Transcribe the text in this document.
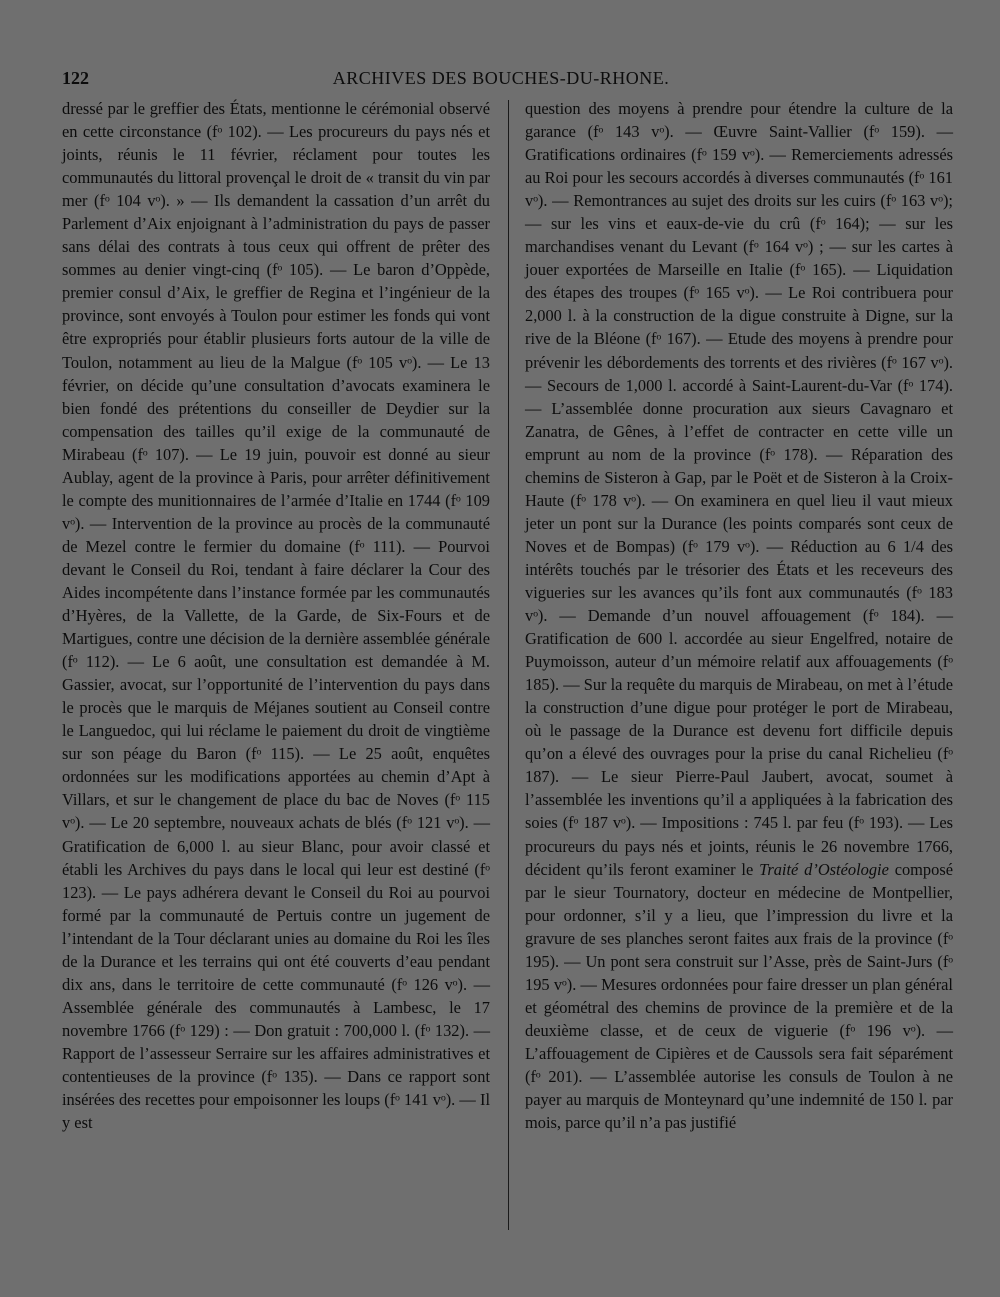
122	ARCHIVES DES BOUCHES-DU-RHONE.

dressé par le greffier des États, mentionne le cérémonial observé en cette circonstance (fᵒ 102). — Les procureurs du pays nés et joints, réunis le 11 février, réclament pour toutes les communautés du littoral provençal le droit de « transit du vin par mer (fᵒ 104 vᵒ). » — Ils demandent la cassation d’un arrêt du Parlement d’Aix enjoignant à l’administration du pays de passer sans délai des contrats à tous ceux qui offrent de prêter des sommes au denier vingt-cinq (fᵒ 105). — Le baron d’Oppède, premier consul d’Aix, le greffier de Regina et l’ingénieur de la province, sont envoyés à Toulon pour estimer les fonds qui vont être expropriés pour établir plusieurs forts autour de la ville de Toulon, notamment au lieu de la Malgue (fᵒ 105 vᵒ). — Le 13 février, on décide qu’une consultation d’avocats examinera le bien fondé des prétentions du conseiller de Deydier sur la compensation des tailles qu’il exige de la communauté de Mirabeau (fᵒ 107). — Le 19 juin, pouvoir est donné au sieur Aublay, agent de la province à Paris, pour arrêter définitivement le compte des munitionnaires de l’armée d’Italie en 1744 (fᵒ 109 vᵒ). — Intervention de la province au procès de la communauté de Mezel contre le fermier du domaine (fᵒ 111). — Pourvoi devant le Conseil du Roi, tendant à faire déclarer la Cour des Aides incompétente dans l’instance formée par les communautés d’Hyères, de la Vallette, de la Garde, de Six-Fours et de Martigues, contre une décision de la dernière assemblée générale (fᵒ 112). — Le 6 août, une consultation est demandée à M. Gassier, avocat, sur l’opportunité de l’intervention du pays dans le procès que le marquis de Méjanes soutient au Conseil contre le Languedoc, qui lui réclame le paiement du droit de vingtième sur son péage du Baron (fᵒ 115). — Le 25 août, enquêtes ordonnées sur les modifications apportées au chemin d’Apt à Villars, et sur le changement de place du bac de Noves (fᵒ 115 vᵒ). — Le 20 septembre, nouveaux achats de blés (fᵒ 121 vᵒ). — Gratification de 6,000 l. au sieur Blanc, pour avoir classé et établi les Archives du pays dans le local qui leur est destiné (fᵒ 123). — Le pays adhérera devant le Conseil du Roi au pourvoi formé par la communauté de Pertuis contre un jugement de l’intendant de la Tour déclarant unies au domaine du Roi les îles de la Durance et les terrains qui ont été couverts d’eau pendant dix ans, dans le territoire de cette communauté (fᵒ 126 vᵒ). — Assemblée générale des communautés à Lambesc, le 17 novembre 1766 (fᵒ 129) : — Don gratuit : 700,000 l. (fᵒ 132). — Rapport de l’assesseur Serraire sur les affaires administratives et contentieuses de la province (fᵒ 135). — Dans ce rapport sont insérées des recettes pour empoisonner les loups (fᵒ 141 vᵒ). — Il y est

question des moyens à prendre pour étendre la culture de la garance (fᵒ 143 vᵒ). — Œuvre Saint-Vallier (fᵒ 159). — Gratifications ordinaires (fᵒ 159 vᵒ). — Remerciements adressés au Roi pour les secours accordés à diverses communautés (fᵒ 161 vᵒ). — Remontrances au sujet des droits sur les cuirs (fᵒ 163 vᵒ); — sur les vins et eaux-de-vie du crû (fᵒ 164); — sur les marchandises venant du Levant (fᵒ 164 vᵒ) ; — sur les cartes à jouer exportées de Marseille en Italie (fᵒ 165). — Liquidation des étapes des troupes (fᵒ 165 vᵒ). — Le Roi contribuera pour 2,000 l. à la construction de la digue construite à Digne, sur la rive de la Bléone (fᵒ 167). — Etude des moyens à prendre pour prévenir les débordements des torrents et des rivières (fᵒ 167 vᵒ). — Secours de 1,000 l. accordé à Saint-Laurent-du-Var (fᵒ 174). — L’assemblée donne procuration aux sieurs Cavagnaro et Zanatra, de Gênes, à l’effet de contracter en cette ville un emprunt au nom de la province (fᵒ 178). — Réparation des chemins de Sisteron à Gap, par le Poët et de Sisteron à la Croix-Haute (fᵒ 178 vᵒ). — On examinera en quel lieu il vaut mieux jeter un pont sur la Durance (les points comparés sont ceux de Noves et de Bompas) (fᵒ 179 vᵒ). — Réduction au 6 1/4 des intérêts touchés par le trésorier des États et les receveurs des vigueries sur les avances qu’ils font aux communautés (fᵒ 183 vᵒ). — Demande d’un nouvel affouagement (fᵒ 184). — Gratification de 600 l. accordée au sieur Engelfred, notaire de Puymoisson, auteur d’un mémoire relatif aux affouagements (fᵒ 185). — Sur la requête du marquis de Mirabeau, on met à l’étude la construction d’une digue pour protéger le port de Mirabeau, où le passage de la Durance est devenu fort difficile depuis qu’on a élevé des ouvrages pour la prise du canal Richelieu (fᵒ 187). — Le sieur Pierre-Paul Jaubert, avocat, soumet à l’assemblée les inventions qu’il a appliquées à la fabrication des soies (fᵒ 187 vᵒ). — Impositions : 745 l. par feu (fᵒ 193). — Les procureurs du pays nés et joints, réunis le 26 novembre 1766, décident qu’ils feront examiner le Traité d’Ostéologie composé par le sieur Tournatory, docteur en médecine de Montpellier, pour ordonner, s’il y a lieu, que l’impression du livre et la gravure de ses planches seront faites aux frais de la province (fᵒ 195). — Un pont sera construit sur l’Asse, près de Saint-Jurs (fᵒ 195 vᵒ). — Mesures ordonnées pour faire dresser un plan général et géométral des chemins de province de la première et de la deuxième classe, et de ceux de viguerie (fᵒ 196 vᵒ). — L’affouagement de Cipières et de Caussols sera fait séparément (fᵒ 201). — L’assemblée autorise les consuls de Toulon à ne payer au marquis de Monteynard qu’une indemnité de 150 l. par mois, parce qu’il n’a pas justifié
